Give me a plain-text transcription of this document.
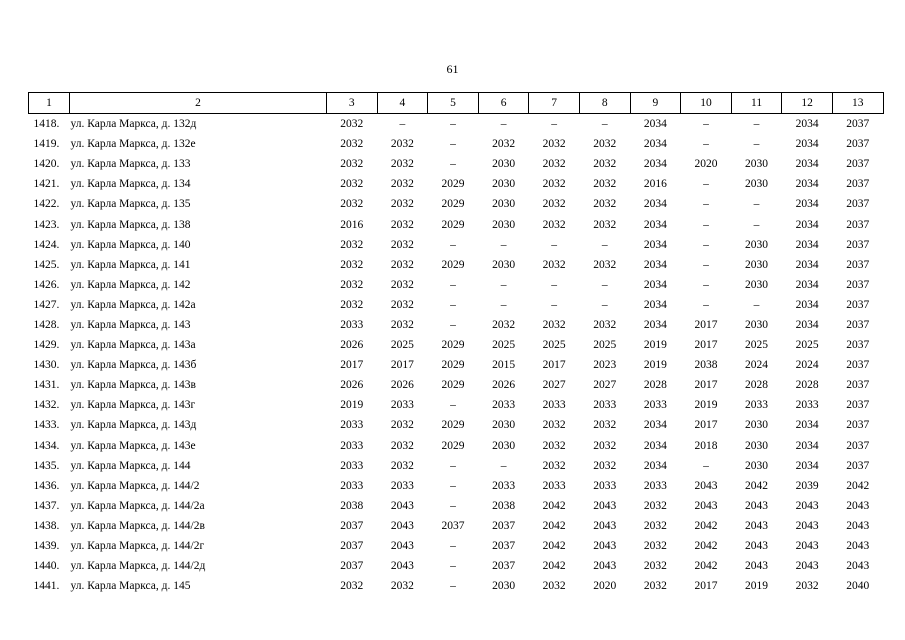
61
1	2	3	4	5	6	7	8	9	10	11	12	13
1418.	ул. Карла Маркса, д. 132д	2032	–	–	–	–	–	2034	–	–	2034	2037
1419.	ул. Карла Маркса, д. 132е	2032	2032	–	2032	2032	2032	2034	–	–	2034	2037
1420.	ул. Карла Маркса, д. 133	2032	2032	–	2030	2032	2032	2034	2020	2030	2034	2037
1421.	ул. Карла Маркса, д. 134	2032	2032	2029	2030	2032	2032	2016	–	2030	2034	2037
1422.	ул. Карла Маркса, д. 135	2032	2032	2029	2030	2032	2032	2034	–	–	2034	2037
1423.	ул. Карла Маркса, д. 138	2016	2032	2029	2030	2032	2032	2034	–	–	2034	2037
1424.	ул. Карла Маркса, д. 140	2032	2032	–	–	–	–	2034	–	2030	2034	2037
1425.	ул. Карла Маркса, д. 141	2032	2032	2029	2030	2032	2032	2034	–	2030	2034	2037
1426.	ул. Карла Маркса, д. 142	2032	2032	–	–	–	–	2034	–	2030	2034	2037
1427.	ул. Карла Маркса, д. 142а	2032	2032	–	–	–	–	2034	–	–	2034	2037
1428.	ул. Карла Маркса, д. 143	2033	2032	–	2032	2032	2032	2034	2017	2030	2034	2037
1429.	ул. Карла Маркса, д. 143а	2026	2025	2029	2025	2025	2025	2019	2017	2025	2025	2037
1430.	ул. Карла Маркса, д. 143б	2017	2017	2029	2015	2017	2023	2019	2038	2024	2024	2037
1431.	ул. Карла Маркса, д. 143в	2026	2026	2029	2026	2027	2027	2028	2017	2028	2028	2037
1432.	ул. Карла Маркса, д. 143г	2019	2033	–	2033	2033	2033	2033	2019	2033	2033	2037
1433.	ул. Карла Маркса, д. 143д	2033	2032	2029	2030	2032	2032	2034	2017	2030	2034	2037
1434.	ул. Карла Маркса, д. 143е	2033	2032	2029	2030	2032	2032	2034	2018	2030	2034	2037
1435.	ул. Карла Маркса, д. 144	2033	2032	–	–	2032	2032	2034	–	2030	2034	2037
1436.	ул. Карла Маркса, д. 144/2	2033	2033	–	2033	2033	2033	2033	2043	2042	2039	2042
1437.	ул. Карла Маркса, д. 144/2а	2038	2043	–	2038	2042	2043	2032	2043	2043	2043	2043
1438.	ул. Карла Маркса, д. 144/2в	2037	2043	2037	2037	2042	2043	2032	2042	2043	2043	2043
1439.	ул. Карла Маркса, д. 144/2г	2037	2043	–	2037	2042	2043	2032	2042	2043	2043	2043
1440.	ул. Карла Маркса, д. 144/2д	2037	2043	–	2037	2042	2043	2032	2042	2043	2043	2043
1441.	ул. Карла Маркса, д. 145	2032	2032	–	2030	2032	2020	2032	2017	2019	2032	2040
